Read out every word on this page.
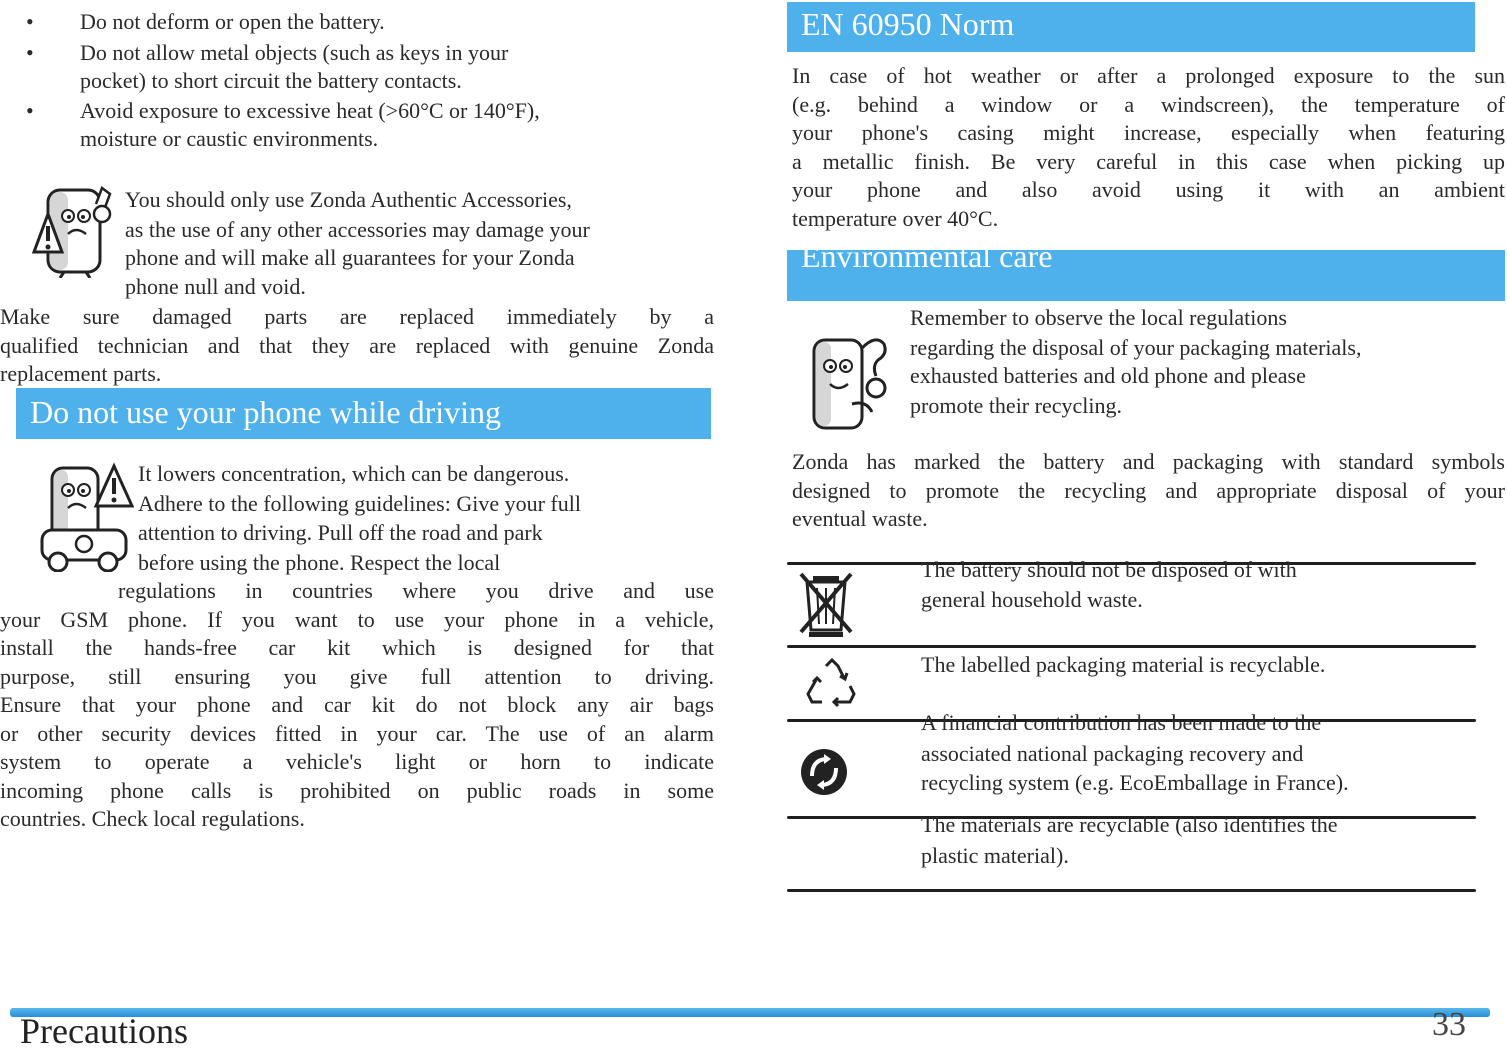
• Do not deform or open the battery.
• Do not allow metal objects (such as keys in your
pocket) to short circuit the battery contacts.
• Avoid exposure to excessive heat (>60°C or 140°F),
moisture or caustic environments.
You should only use Zonda Authentic Accessories,
as the use of any other accessories may damage your
phone and will make all guarantees for your Zonda
phone null and void.
Make sure damaged parts are replaced immediately by a
qualified technician and that they are replaced with genuine Zonda
replacement parts.
Do not use your phone while driving
It lowers concentration, which can be dangerous.
Adhere to the following guidelines: Give your full
attention to driving. Pull off the road and park
before using the phone. Respect the local
regulations in countries where you drive and use
your GSM phone. If you want to use your phone in a vehicle,
install the hands-free car kit which is designed for that
purpose, still ensuring you give full attention to driving.
Ensure that your phone and car kit do not block any air bags
or other security devices fitted in your car. The use of an alarm
system to operate a vehicle's light or horn to indicate
incoming phone calls is prohibited on public roads in some
countries. Check local regulations.
EN 60950 Norm
In case of hot weather or after a prolonged exposure to the sun
(e.g. behind a window or a windscreen), the temperature of
your phone's casing might increase, especially when featuring
a metallic finish. Be very careful in this case when picking up
your phone and also avoid using it with an ambient
temperature over 40°C.
Environmental care
Remember to observe the local regulations
regarding the disposal of your packaging materials,
exhausted batteries and old phone and please
promote their recycling.
Zonda has marked the battery and packaging with standard symbols
designed to promote the recycling and appropriate disposal of your
eventual waste.
The battery should not be disposed of with
general household waste.
The labelled packaging material is recyclable.
A financial contribution has been made to the
associated national packaging recovery and
recycling system (e.g. EcoEmballage in France).
The materials are recyclable (also identifies the
plastic material).
Precautions	33
